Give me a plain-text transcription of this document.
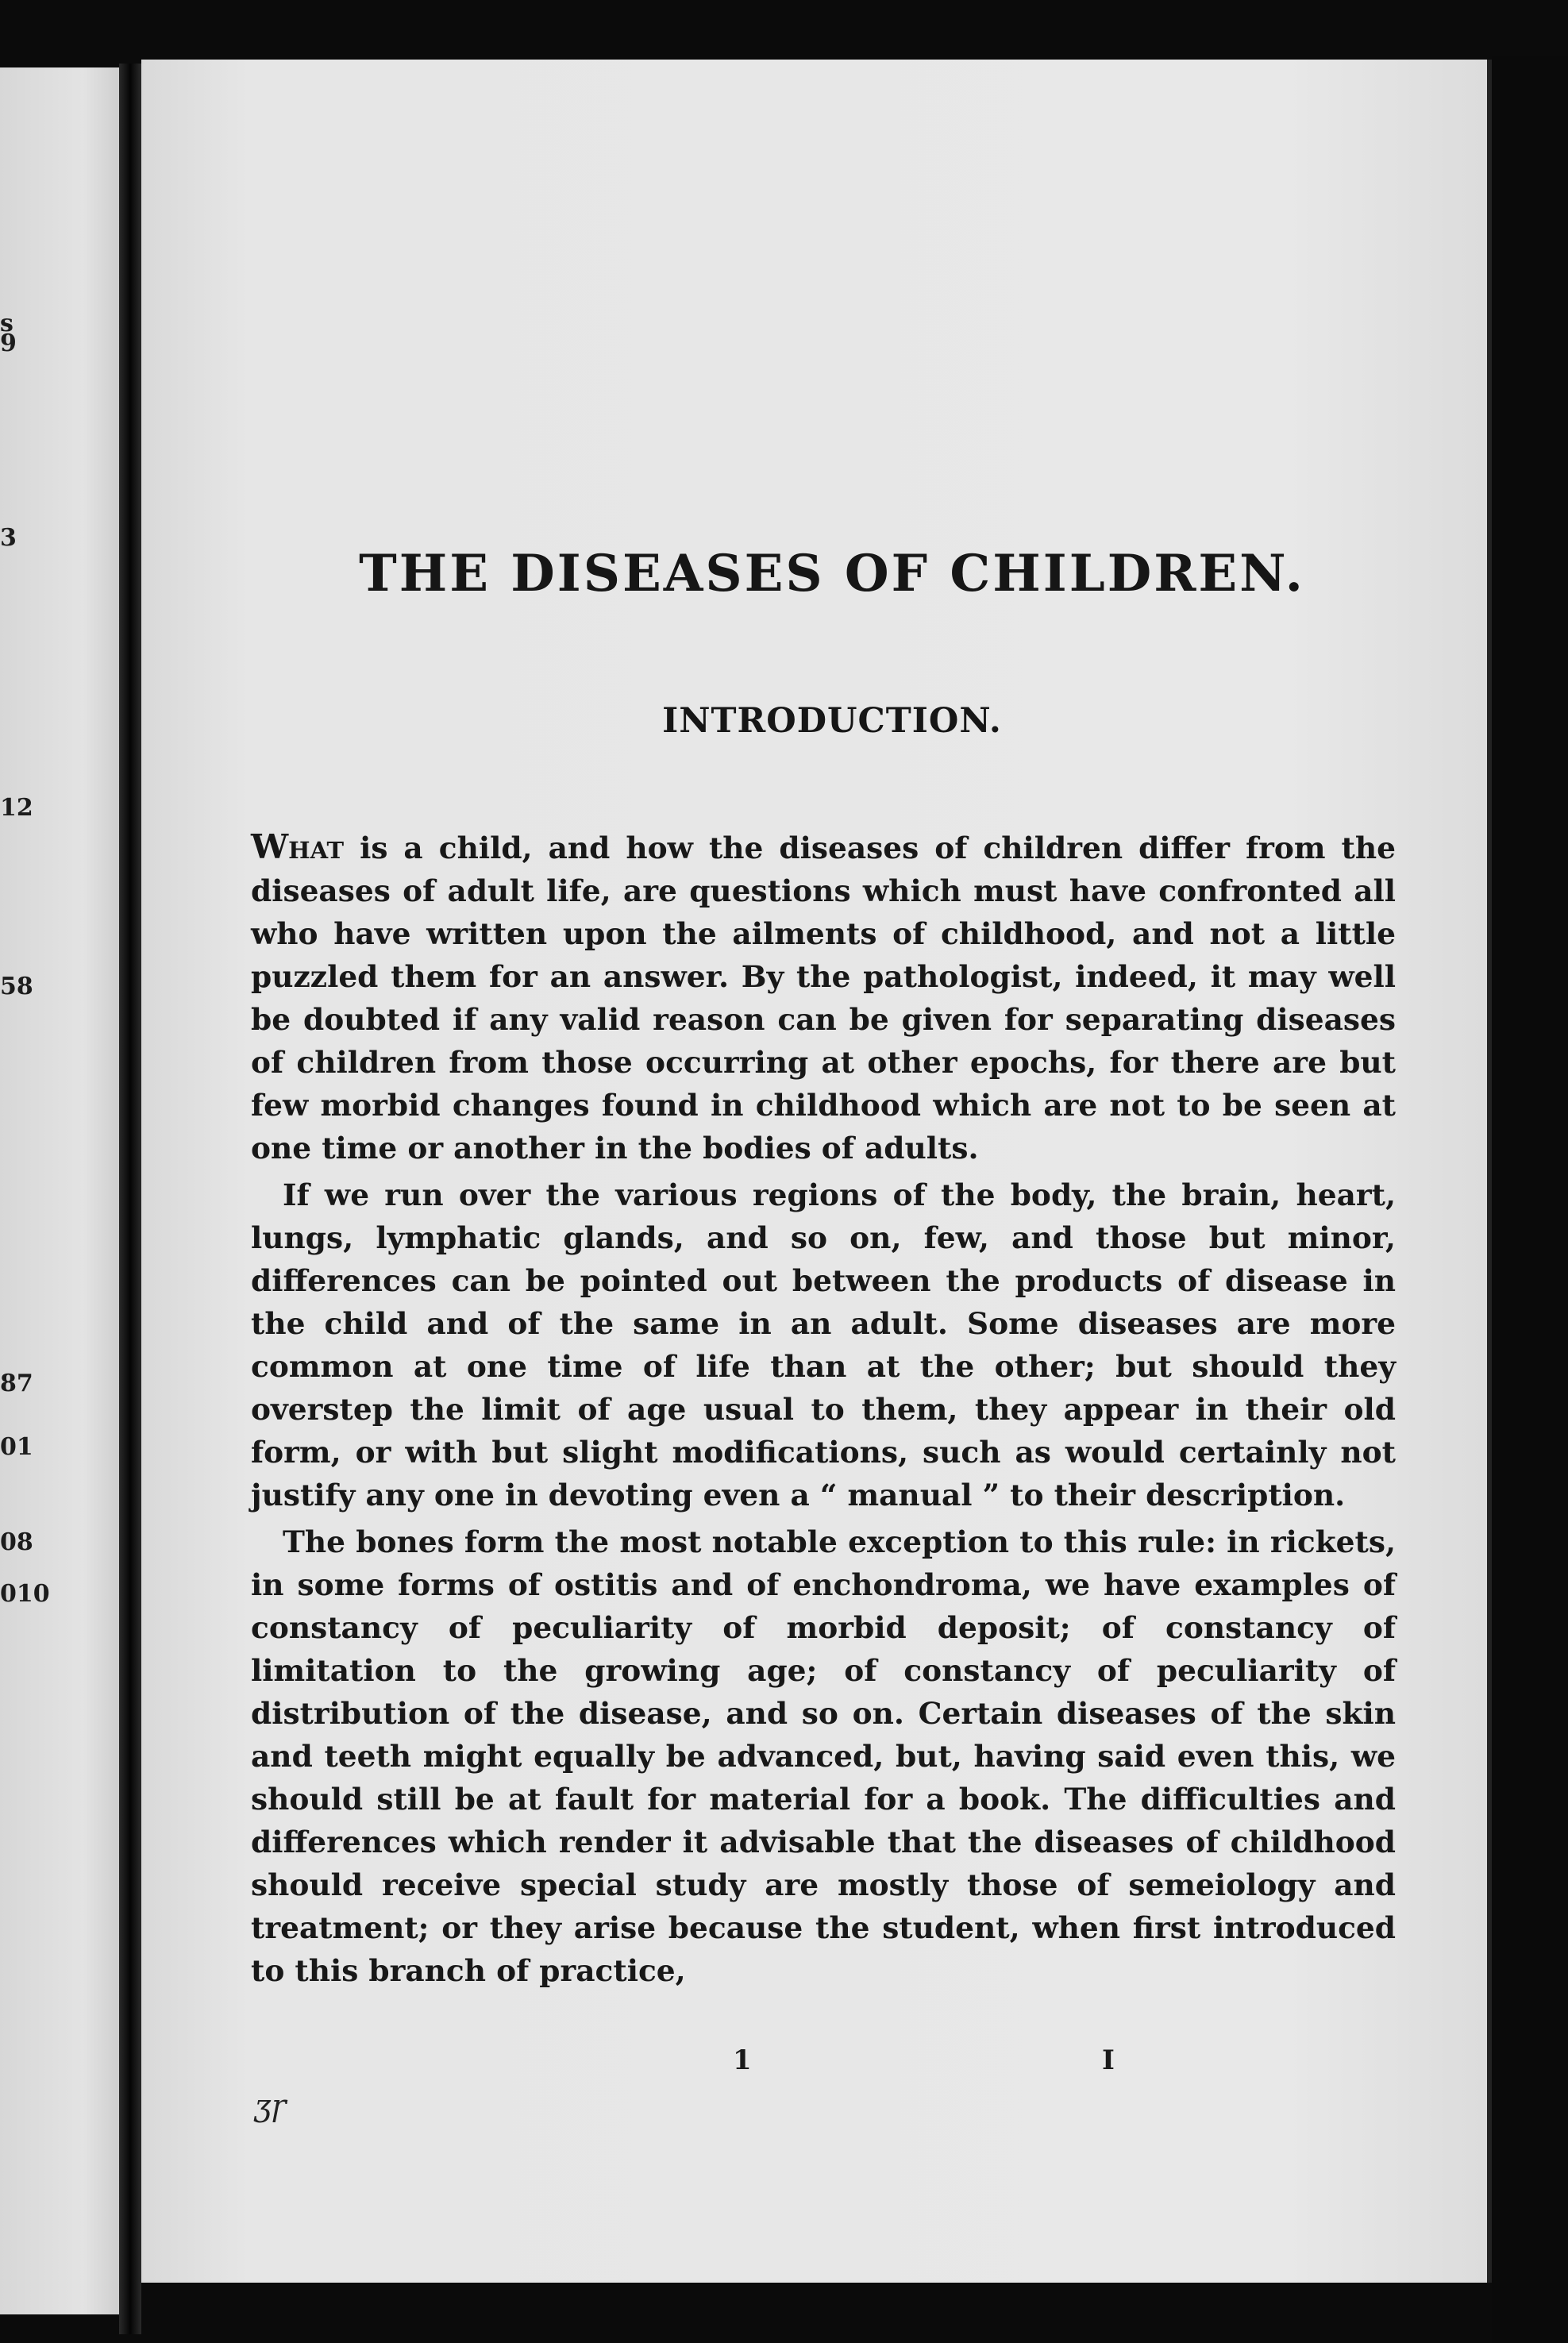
s
9
3
12
58
87
01
08
010
THE DISEASES OF CHILDREN.
INTRODUCTION.

What is a child, and how the diseases of children differ from the diseases of adult life, are questions which must have confronted all who have written upon the ailments of childhood, and not a little puzzled them for an answer. By the pathologist, indeed, it may well be doubted if any valid reason can be given for separating diseases of children from those occurring at other epochs, for there are but few morbid changes found in childhood which are not to be seen at one time or another in the bodies of adults.

If we run over the various regions of the body, the brain, heart, lungs, lymphatic glands, and so on, few, and those but minor, differences can be pointed out between the products of disease in the child and of the same in an adult. Some diseases are more common at one time of life than at the other; but should they overstep the limit of age usual to them, they appear in their old form, or with but slight modifications, such as would certainly not justify any one in devoting even a “ manual ” to their description.

The bones form the most notable exception to this rule: in rickets, in some forms of ostitis and of enchondroma, we have examples of constancy of peculiarity of morbid deposit; of constancy of limitation to the growing age; of constancy of peculiarity of distribution of the disease, and so on. Certain diseases of the skin and teeth might equally be advanced, but, having said even this, we should still be at fault for material for a book. The difficulties and differences which render it advisable that the diseases of childhood should receive special study are mostly those of semeiology and treatment; or they arise because the student, when first introduced to this branch of practice,

1	I
ʒɼ
